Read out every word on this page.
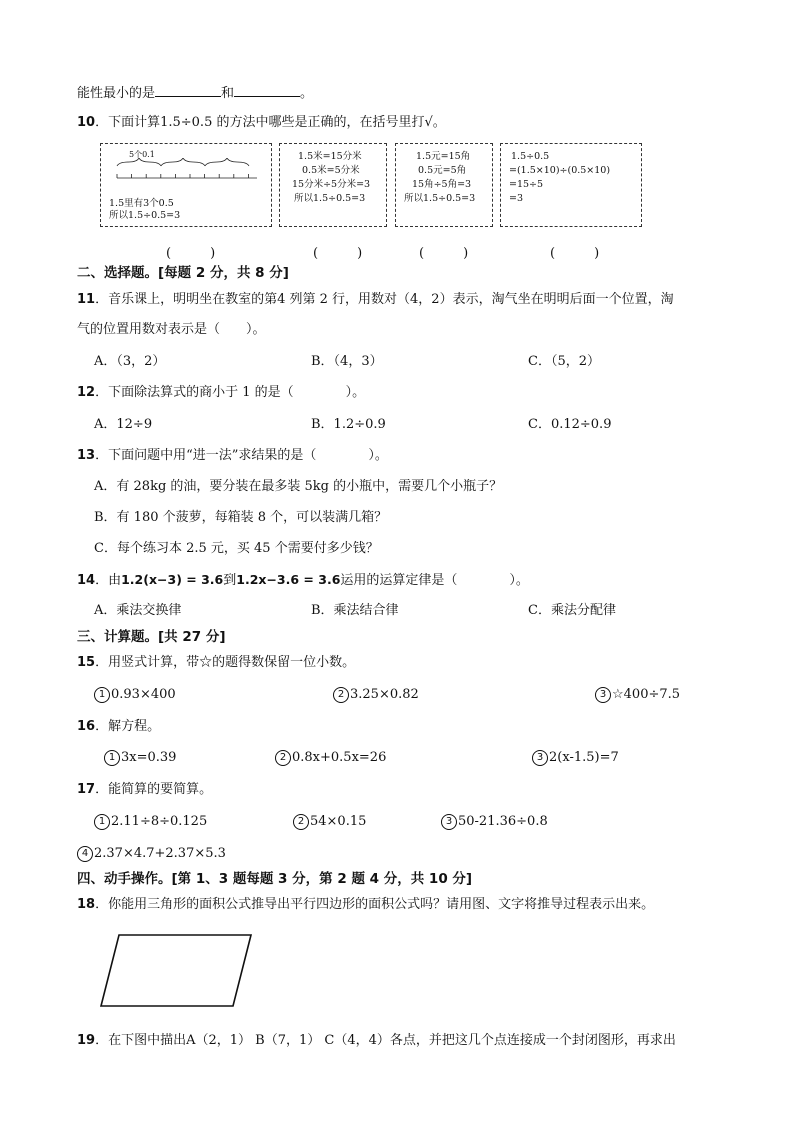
能性最小的是	和	。
10．下面计算1.5÷0.5 的方法中哪些是正确的，在括号里打√。
5个0.1
1.5里有3个0.5
所以1.5÷0.5=3
1.5米=15分米
0.5米=5分米
15分米÷5分米=3
所以1.5÷0.5=3
1.5元=15角
0.5元=5角
15角÷5角=3
所以1.5÷0.5=3
1.5÷0.5
=(1.5×10)÷(0.5×10)
=15÷5
=3
(　　　)	(　　　)	(　　　)	(　　　)
二、选择题。[每题 2 分，共 8 分]
11．音乐课上，明明坐在教室的第4 列第 2 行，用数对（4，2）表示，淘气坐在明明后面一个位置，淘
气的位置用数对表示是（　　）。
A．（3，2）	B．（4，3）	C．（5，2）
12．下面除法算式的商小于 1 的是（　　　　）。
A．12÷9	B．1.2÷0.9	C．0.12÷0.9
13．下面问题中用“进一法”求结果的是（　　　　）。
A．有 28kg 的油，要分装在最多装 5kg 的小瓶中，需要几个小瓶子？
B．有 180 个菠萝，每箱装 8 个，可以装满几箱？
C．每个练习本 2.5 元，买 45 个需要付多少钱？
14．由1.2(x−3) = 3.6到1.2x−3.6 = 3.6运用的运算定律是（　　　　）。
A．乘法交换律	B．乘法结合律	C．乘法分配律
三、计算题。[共 27 分]
15．用竖式计算，带☆的题得数保留一位小数。
1 0.93×400	2 3.25×0.82	3 ☆400÷7.5
16．解方程。
1 3x=0.39	2 0.8x+0.5x=26	3 2(x-1.5)=7
17．能简算的要简算。
1 2.11÷8÷0.125	2 54×0.15	3 50-21.36÷0.8
4 2.37×4.7+2.37×5.3
四、动手操作。[第 1、3 题每题 3 分，第 2 题 4 分，共 10 分]
18．你能用三角形的面积公式推导出平行四边形的面积公式吗？请用图、文字将推导过程表示出来。
19．在下图中描出A（2，1） B（7，1） C（4，4）各点，并把这几个点连接成一个封闭图形，再求出
